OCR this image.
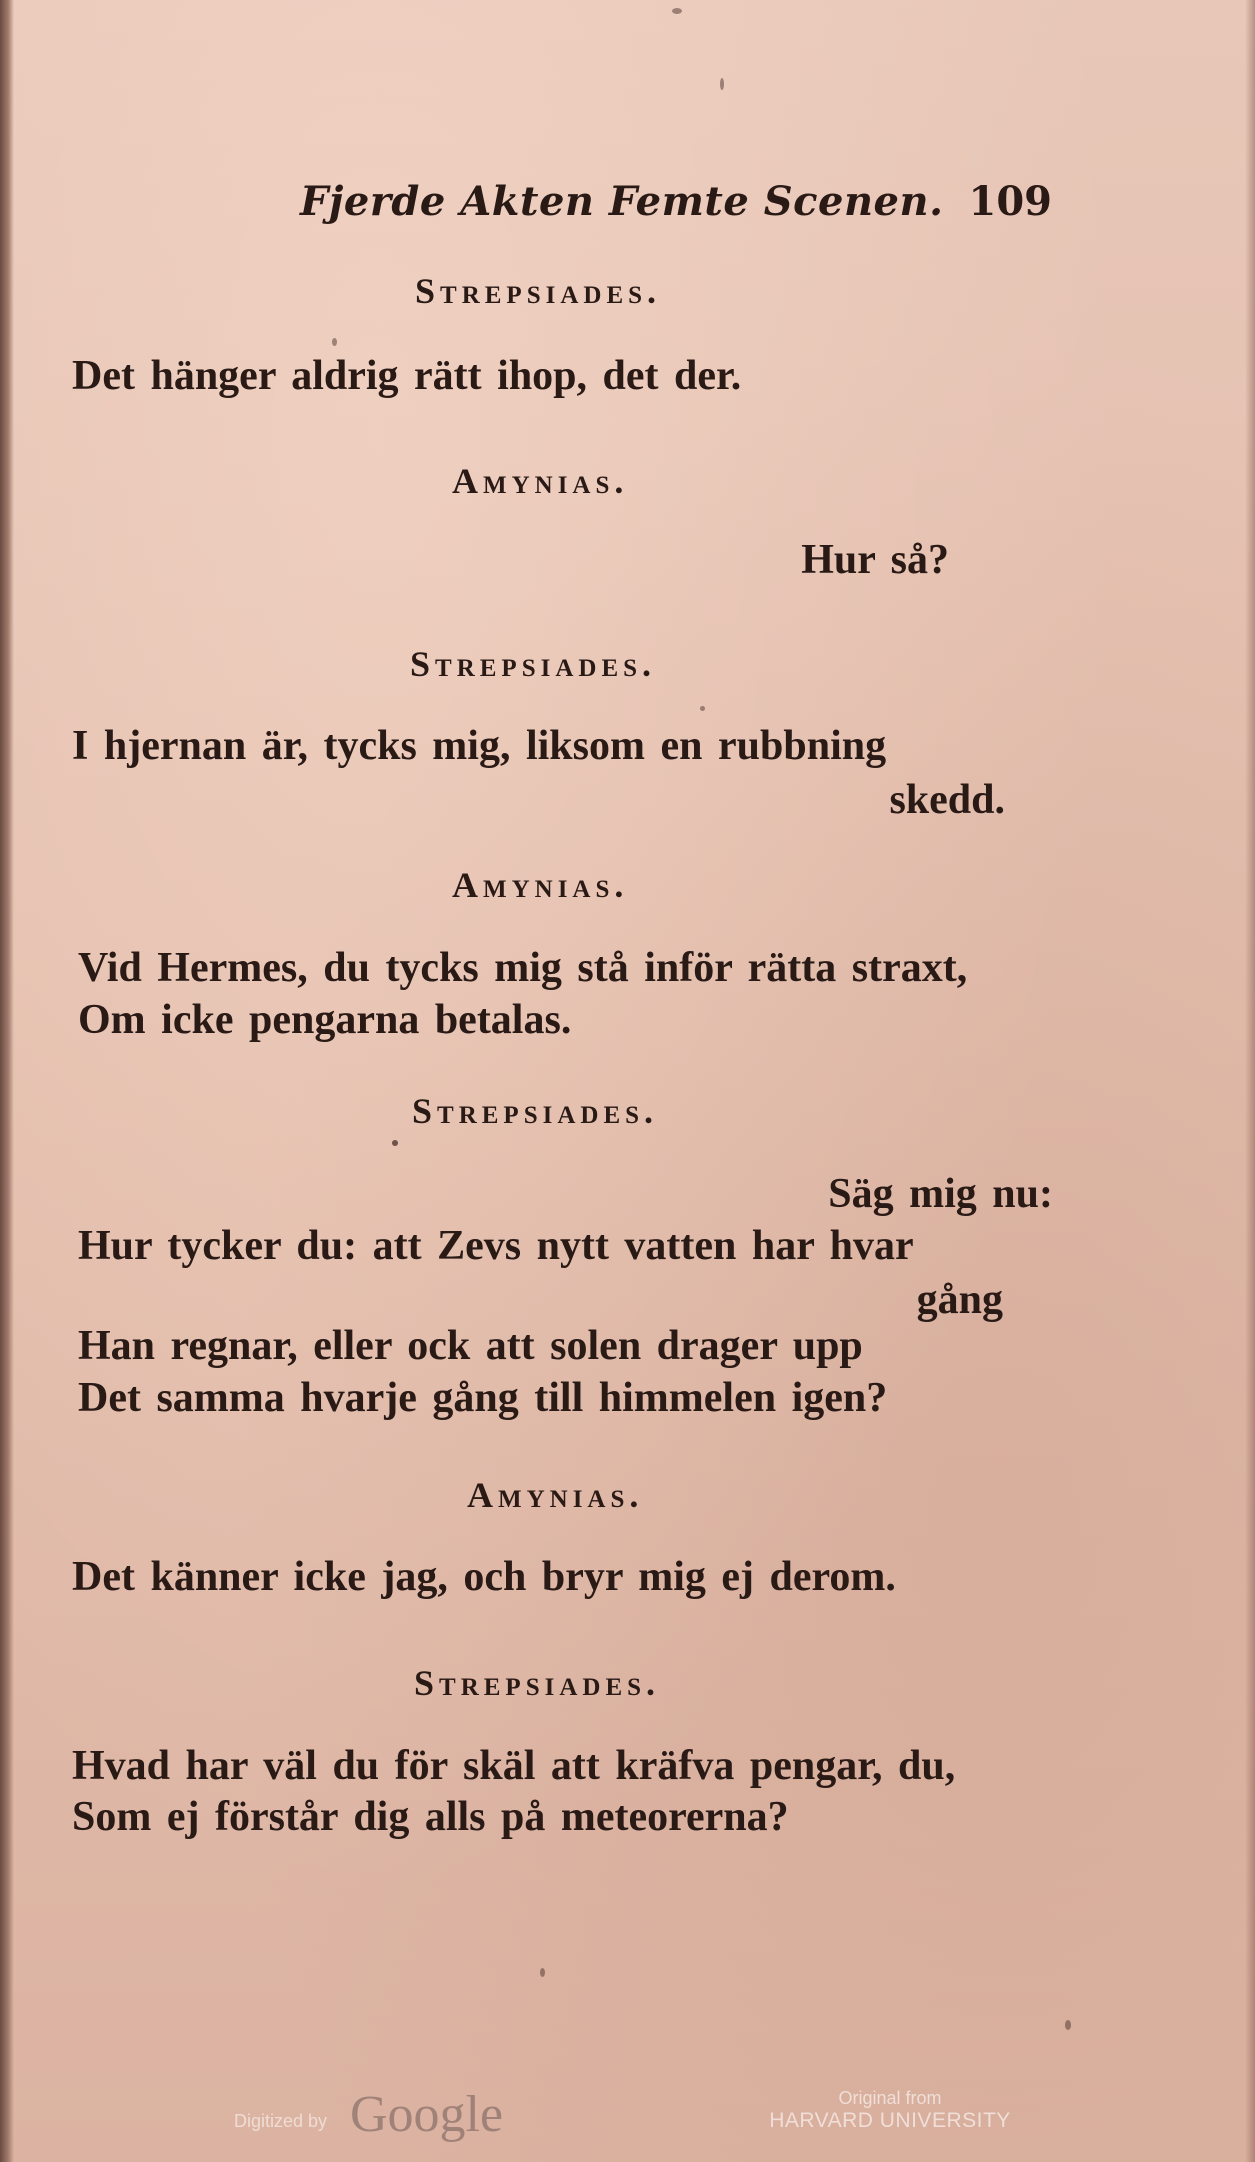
Fjerde Akten Femte Scenen. 109
Strepsiades.
Det hänger aldrig rätt ihop, det der.
Amynias.
Hur så?
Strepsiades.
I hjernan är, tycks mig, liksom en rubbning
skedd.
Amynias.
Vid Hermes, du tycks mig stå inför rätta straxt,
Om icke pengarna betalas.
Strepsiades.
Säg mig nu:
Hur tycker du: att Zevs nytt vatten har hvar
gång
Han regnar, eller ock att solen drager upp
Det samma hvarje gång till himmelen igen?
Amynias.
Det känner icke jag, och bryr mig ej derom.
Strepsiades.
Hvad har väl du för skäl att kräfva pengar, du,
Som ej förstår dig alls på meteorerna?
Digitized by Google	Original from
HARVARD UNIVERSITY
